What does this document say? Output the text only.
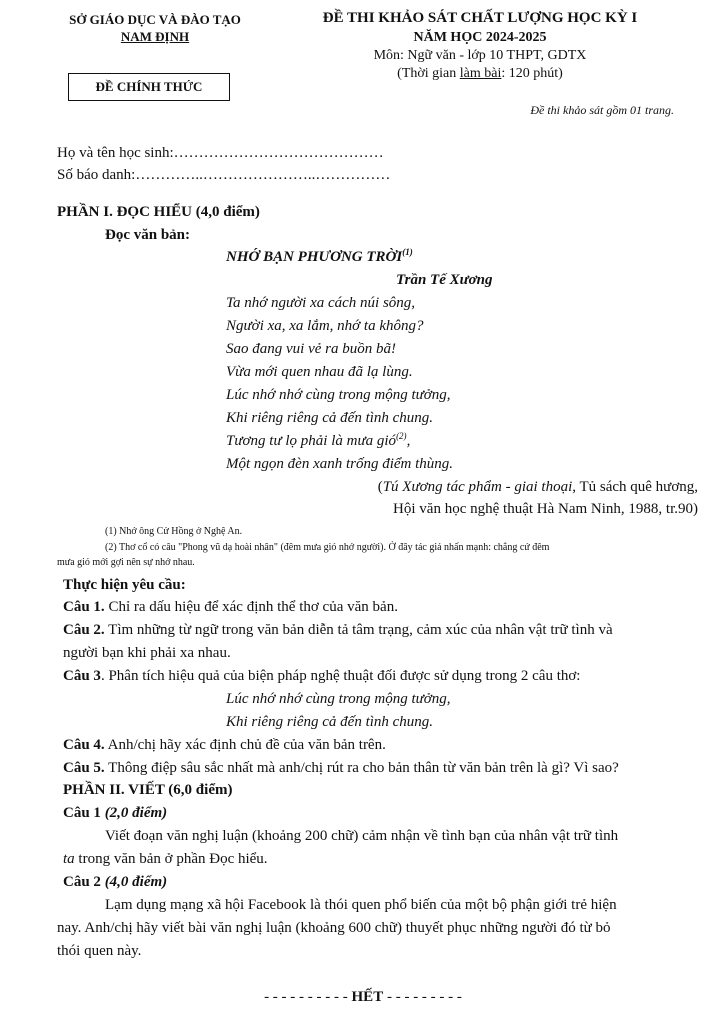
SỞ GIÁO DỤC VÀ ĐÀO TẠO
NAM ĐỊNH
ĐỀ CHÍNH THỨC
ĐỀ THI KHẢO SÁT CHẤT LƯỢNG HỌC KỲ I
NĂM HỌC 2024-2025
Môn: Ngữ văn - lớp 10 THPT, GDTX
(Thời gian làm bài: 120 phút)
Đề thi khảo sát gồm 01 trang.
Họ và tên học sinh:……………………………………
Số báo danh:…………..…………………..……………
PHẦN I. ĐỌC HIỂU (4,0 điểm)
Đọc văn bản:
NHỚ BẠN PHƯƠNG TRỜI$^{(1)}$
Trần Tế Xương
Ta nhớ người xa cách núi sông,
Người xa, xa lắm, nhớ ta không?
Sao đang vui vẻ ra buồn bã!
Vừa mới quen nhau đã lạ lùng.
Lúc nhớ nhớ cùng trong mộng tưởng,
Khi riêng riêng cả đến tình chung.
Tương tư lọ phải là mưa gió$^{(2)}$,
Một ngọn đèn xanh trống điểm thùng.
(Tú Xương tác phẩm - giai thoại, Tủ sách quê hương,
Hội văn học nghệ thuật Hà Nam Ninh, 1988, tr.90)
(1) Nhớ ông Cử Hồng ở Nghệ An.
(2) Thơ cổ có câu "Phong vũ dạ hoài nhân" (đêm mưa gió nhớ người). Ở đây tác giả nhấn mạnh: chẳng cứ đêm
mưa gió mới gợi nên sự nhớ nhau.
Thực hiện yêu cầu:
Câu 1. Chỉ ra dấu hiệu để xác định thể thơ của văn bản.
Câu 2. Tìm những từ ngữ trong văn bản diễn tả tâm trạng, cảm xúc của nhân vật trữ tình và
người bạn khi phải xa nhau.
Câu 3. Phân tích hiệu quả của biện pháp nghệ thuật đối được sử dụng trong 2 câu thơ:
Lúc nhớ nhớ cùng trong mộng tưởng,
Khi riêng riêng cả đến tình chung.
Câu 4. Anh/chị hãy xác định chủ đề của văn bản trên.
Câu 5. Thông điệp sâu sắc nhất mà anh/chị rút ra cho bản thân từ văn bản trên là gì? Vì sao?
PHẦN II. VIẾT (6,0 điểm)
Câu 1 (2,0 điểm)
Viết đoạn văn nghị luận (khoảng 200 chữ) cảm nhận về tình bạn của nhân vật trữ tình
ta trong văn bản ở phần Đọc hiểu.
Câu 2 (4,0 điểm)
Lạm dụng mạng xã hội Facebook là thói quen phổ biến của một bộ phận giới trẻ hiện
nay. Anh/chị hãy viết bài văn nghị luận (khoảng 600 chữ) thuyết phục những người đó từ bỏ
thói quen này.
- - - - - - - - - - HẾT - - - - - - - - -
